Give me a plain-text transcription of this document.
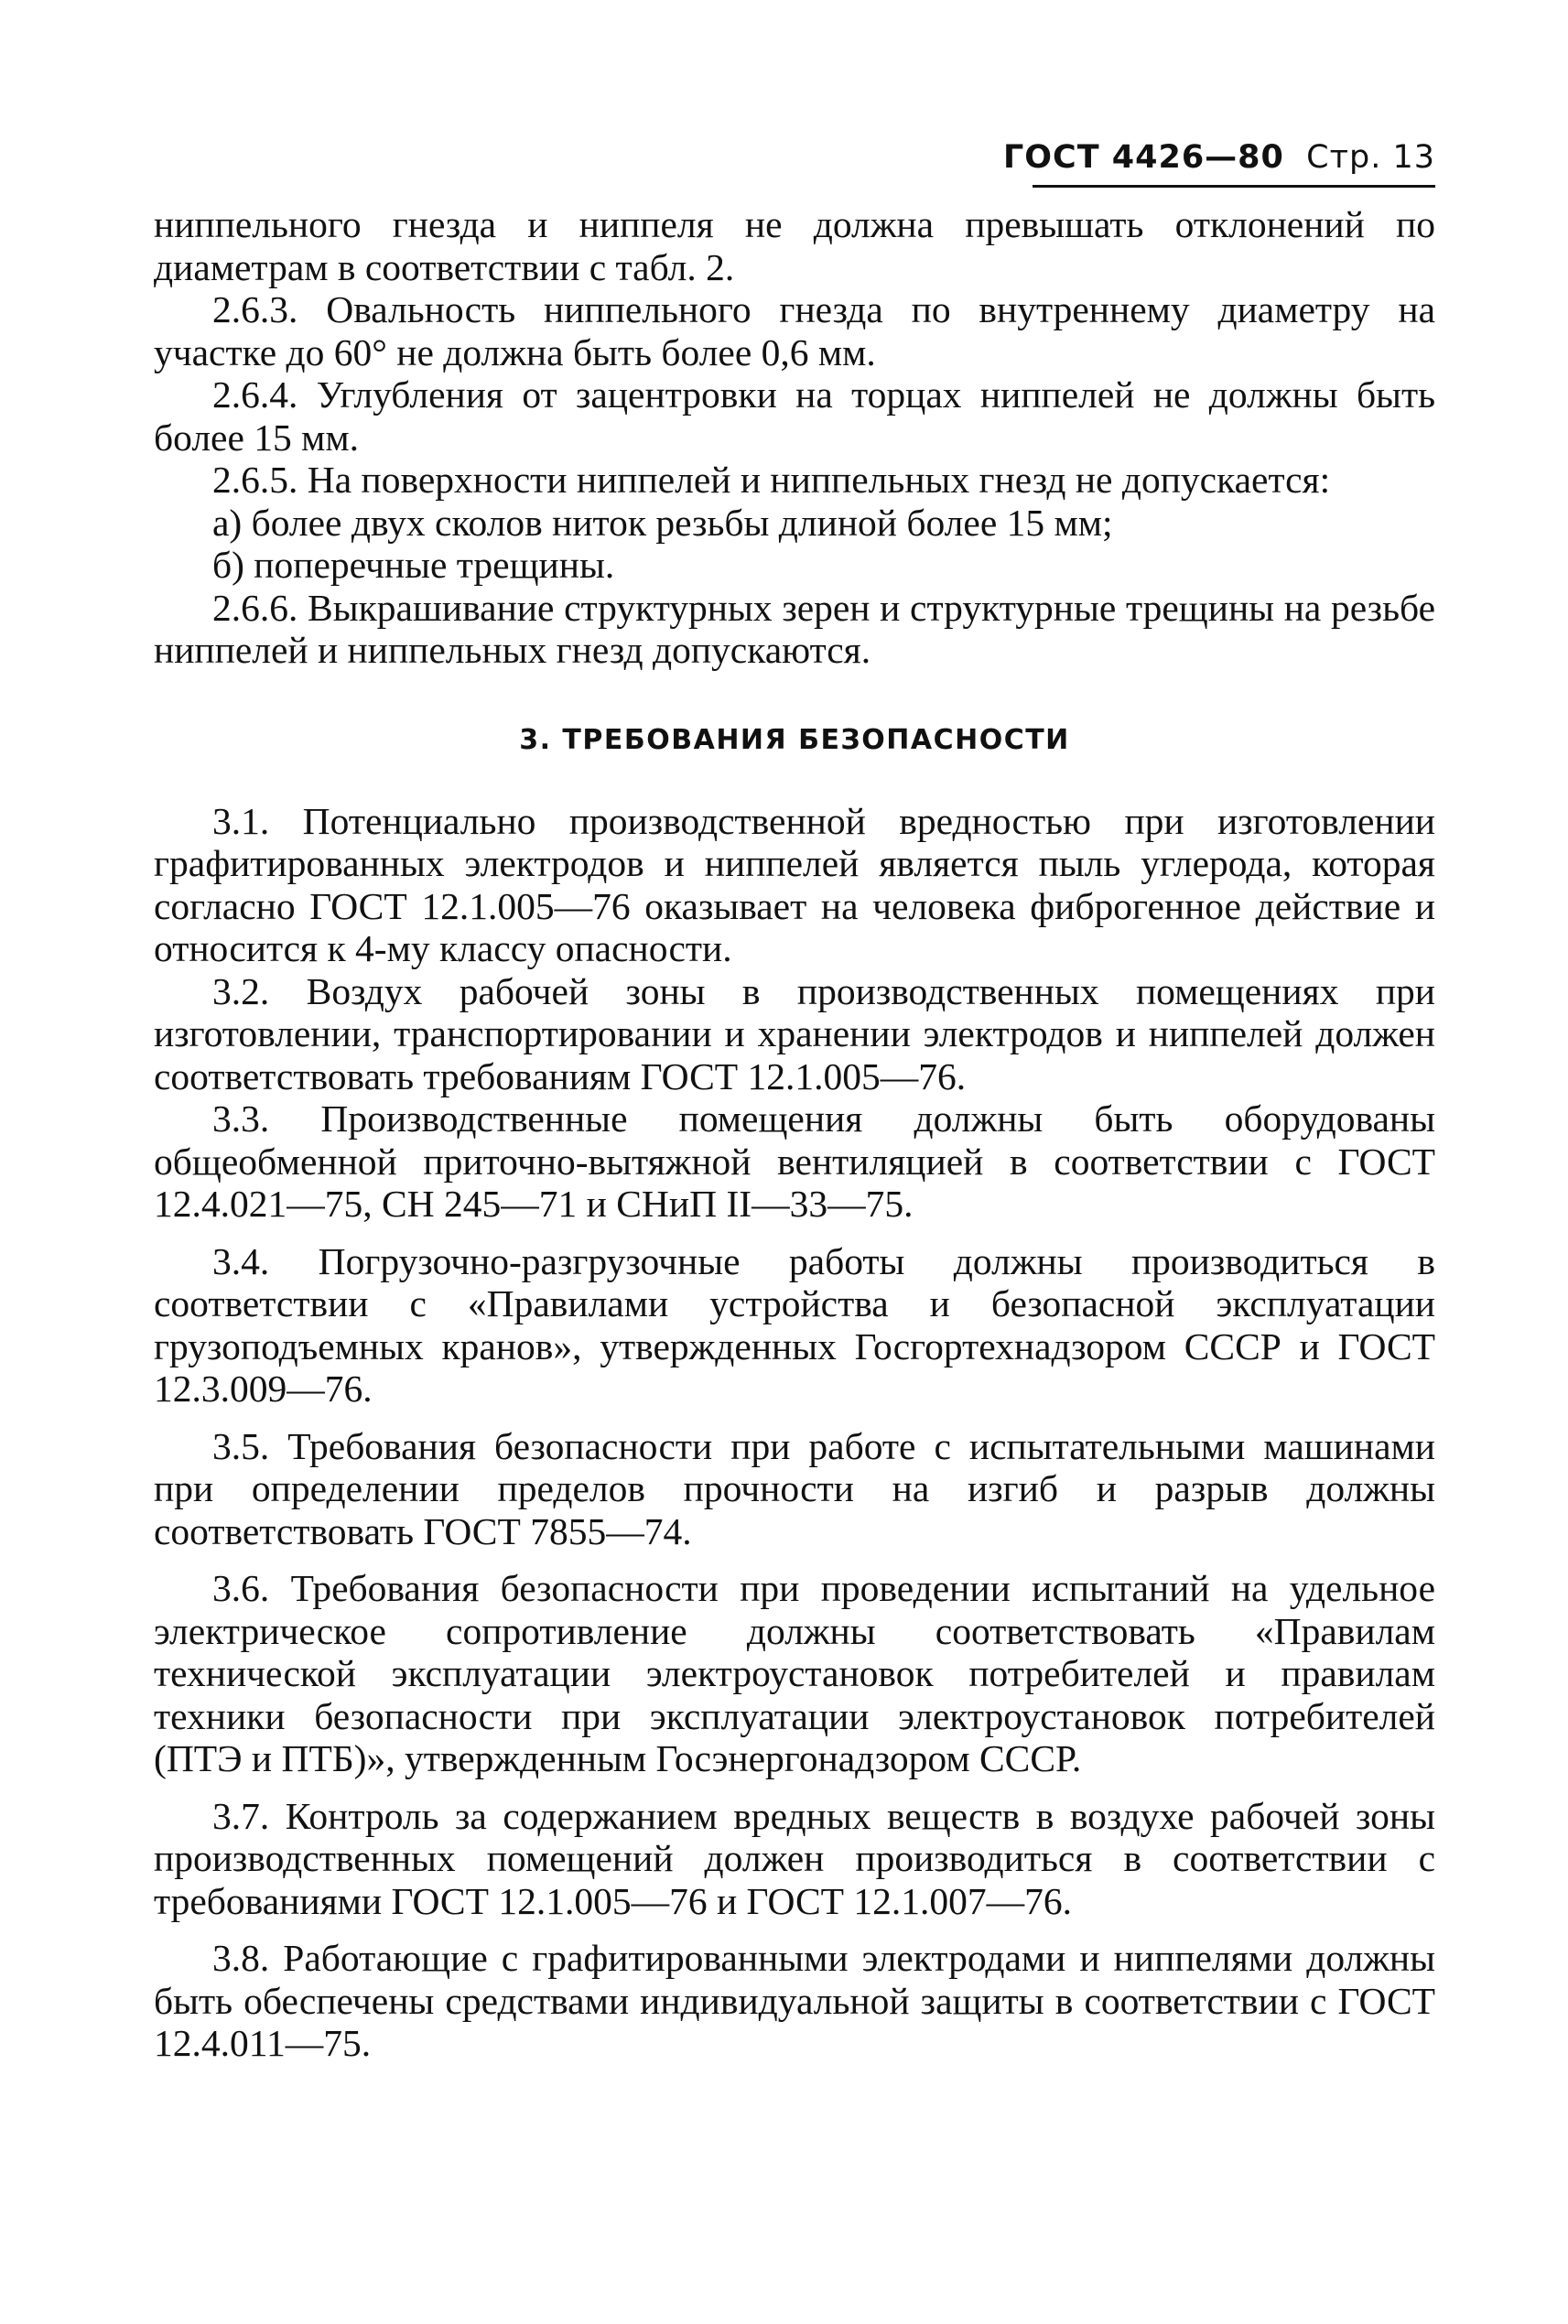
ГОСТ 4426—80 Стр. 13

ниппельного гнезда и ниппеля не должна превышать отклонений по диаметрам в соответствии с табл. 2.

2.6.3. Овальность ниппельного гнезда по внутреннему диаметру на участке до 60° не должна быть более 0,6 мм.

2.6.4. Углубления от зацентровки на торцах ниппелей не должны быть более 15 мм.

2.6.5. На поверхности ниппелей и ниппельных гнезд не допускается:

а) более двух сколов ниток резьбы длиной более 15 мм;

б) поперечные трещины.

2.6.6. Выкрашивание структурных зерен и структурные трещины на резьбе ниппелей и ниппельных гнезд допускаются.

3. ТРЕБОВАНИЯ БЕЗОПАСНОСТИ

3.1. Потенциально производственной вредностью при изготовлении графитированных электродов и ниппелей является пыль углерода, которая согласно ГОСТ 12.1.005—76 оказывает на человека фиброгенное действие и относится к 4-му классу опасности.

3.2. Воздух рабочей зоны в производственных помещениях при изготовлении, транспортировании и хранении электродов и ниппелей должен соответствовать требованиям ГОСТ 12.1.005—76.

3.3. Производственные помещения должны быть оборудованы общеобменной приточно-вытяжной вентиляцией в соответствии с ГОСТ 12.4.021—75, СН 245—71 и СНиП II—33—75.

3.4. Погрузочно-разгрузочные работы должны производиться в соответствии с «Правилами устройства и безопасной эксплуатации грузоподъемных кранов», утвержденных Госгортехнадзором СССР и ГОСТ 12.3.009—76.

3.5. Требования безопасности при работе с испытательными машинами при определении пределов прочности на изгиб и разрыв должны соответствовать ГОСТ 7855—74.

3.6. Требования безопасности при проведении испытаний на удельное электрическое сопротивление должны соответствовать «Правилам технической эксплуатации электроустановок потребителей и правилам техники безопасности при эксплуатации электроустановок потребителей (ПТЭ и ПТБ)», утвержденным Госэнергонадзором СССР.

3.7. Контроль за содержанием вредных веществ в воздухе рабочей зоны производственных помещений должен производиться в соответствии с требованиями ГОСТ 12.1.005—76 и ГОСТ 12.1.007—76.

3.8. Работающие с графитированными электродами и ниппелями должны быть обеспечены средствами индивидуальной защиты в соответствии с ГОСТ 12.4.011—75.
